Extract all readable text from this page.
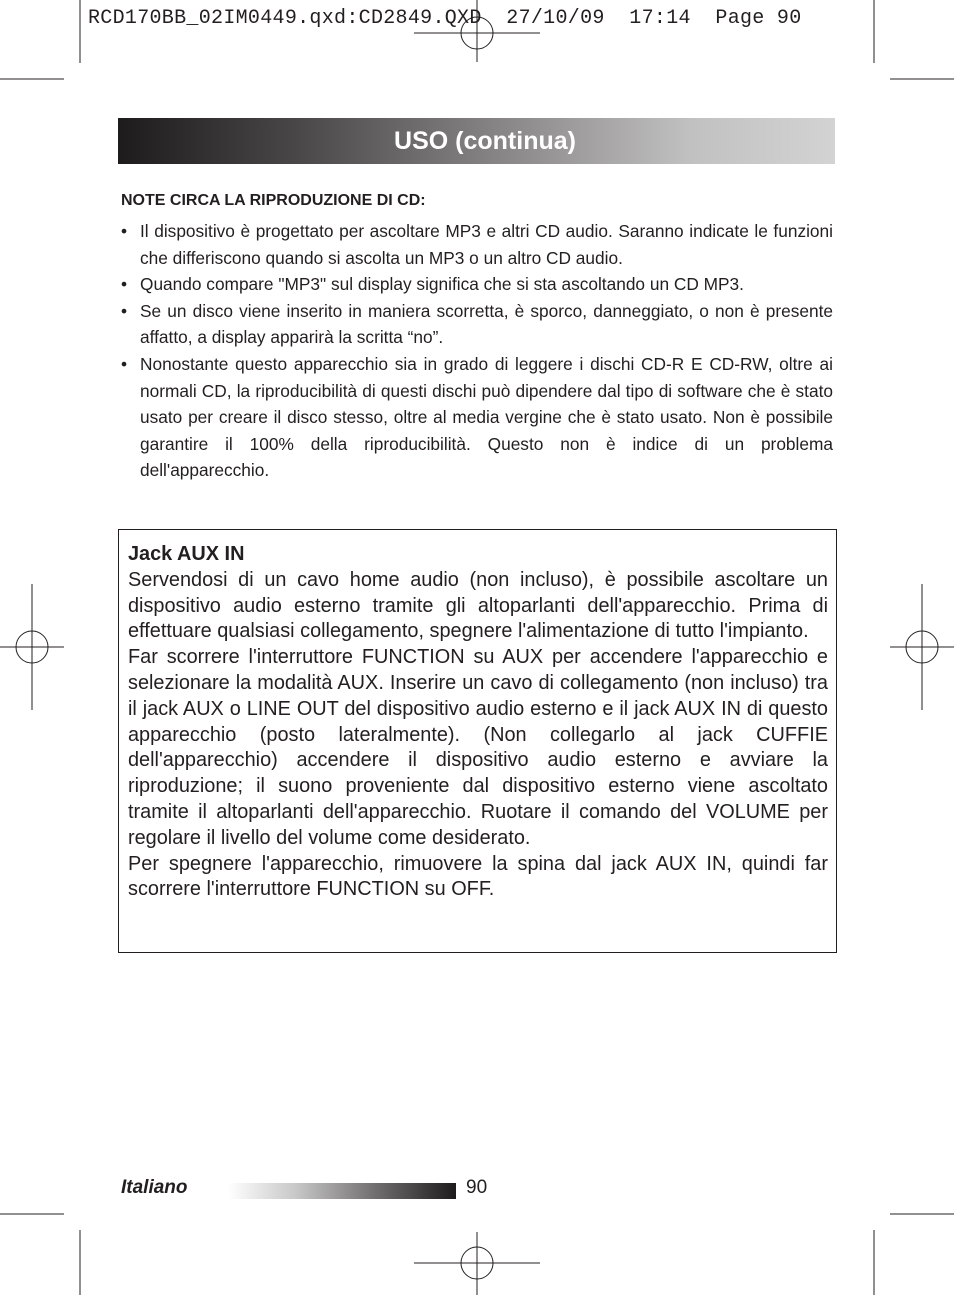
RCD170BB_02IM0449.qxd:CD2849.QXD  27/10/09  17:14  Page 90
USO (continua)
NOTE CIRCA LA RIPRODUZIONE DI CD:
• Il dispositivo è progettato per ascoltare MP3 e altri CD audio. Saranno indicate le funzioni che differiscono quando si ascolta un MP3 o un altro CD audio.
• Quando compare "MP3" sul display significa che si sta ascoltando un CD MP3.
• Se un disco viene inserito in maniera scorretta, è sporco, danneggiato, o non è presente affatto, a display apparirà la scritta “no”.
• Nonostante questo apparecchio sia in grado di leggere i dischi CD-R E CD-RW, oltre ai normali CD, la riproducibilità di questi dischi può dipendere dal tipo di software che è stato usato per creare il disco stesso, oltre al media vergine che è stato usato. Non è possibile garantire il 100% della riproducibilità. Questo non è indice di un problema dell'apparecchio.
Jack AUX IN

Servendosi di un cavo home audio (non incluso), è possibile ascoltare un dispositivo audio esterno tramite gli altoparlanti dell'apparecchio. Prima di effettuare qualsiasi collegamento, spegnere l'alimentazione di tutto l'impianto.

Far scorrere l'interruttore FUNCTION su AUX per accendere l'apparecchio e selezionare la modalità AUX. Inserire un cavo di collegamento (non incluso) tra il jack AUX o LINE OUT del dispositivo audio esterno e il jack AUX IN di questo apparecchio (posto lateralmente). (Non collegarlo al jack CUFFIE dell'apparecchio) accendere il dispositivo audio esterno e avviare la riproduzione; il suono proveniente dal dispositivo esterno viene ascoltato tramite il altoparlanti dell'apparecchio. Ruotare il comando del VOLUME per regolare il livello del volume come desiderato.

Per spegnere l'apparecchio, rimuovere la spina dal jack AUX IN, quindi far scorrere l'interruttore FUNCTION su OFF.

Italiano	90
